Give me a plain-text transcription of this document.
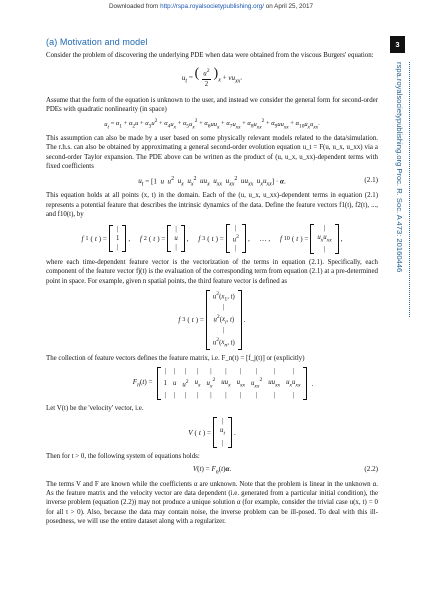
Downloaded from http://rspa.royalsocietypublishing.org/ on April 25, 2017
3
rspa.royalsocietypublishing.org Proc. R. Soc. A 473: 20160446
(a) Motivation and model

Consider the problem of discovering the underlying PDE when data were obtained from the viscous Burgers' equation:

$u_t$ = ( $u^2$
2
) $_x + \nu u_{xx}$.

Assume that the form of the equation is unknown to the user, and instead we consider the general form for second-order PDEs with quadratic nonlinearity (in space)

$u_t = \alpha_1 + \alpha_2u + \alpha_3u^2 + \alpha_4u_x + \alpha_5u_x^2 + \alpha_6uu_x + \alpha_7u_{xx} + \alpha_8u_{xx}^2 + \alpha_9uu_{xx} + \alpha_{10}u_xu_{xx}$.

This assumption can also be made by a user based on some physically relevant models related to the data/simulation. The r.h.s. can also be obtained by approximating a general second-order evolution equation u_t = F(u, u_x, u_xx) via a second-order Taylor expansion. The PDE above can be written as the product of (u, u_x, u_xx)-dependent terms with fixed coefficients

$u_t = [1$  u $u^2$ $u_x$ $u_x^2$ $uu_x$ $u_{xx}$ $u_{xx}^2$ $uu_{xx}$ $u_xu_{xx}] \cdot \alpha$.	(2.1)

This equation holds at all points (x, t) in the domain. Each of the (u, u_x, u_xx)-dependent terms in equation (2.1) represents a potential feature that describes the intrinsic dynamics of the data. Define the feature vectors f1(t), f2(t), ..., and f10(t), by

f 1 ( t ) =
|
1
|
, f 2 ( t ) =
|
u
|
, f 3 ( t ) =
|
$u^2$
|
, … , f 10 ( t ) =
|
$u_xu_{xx}$
|
,

where each time-dependent feature vector is the vectorization of the terms in equation (2.1). Specifically, each component of the feature vector fj(t) is the evaluation of the corresponding term from equation (2.1) at a pre-determined point in space. For example, given n spatial points, the third feature vector is defined as

f 3 ( t ) =
$u^2(x_1$, t)
|
$u^2(x_i$, t)
|
$u^2(x_n$, t)
.

The collection of feature vectors defines the feature matrix, i.e. F_n(t) = [f_j(t)] or (explicitly)

$F_n(t)$ =
|
1
|
|
u
|
|
$u^2$
|
|
$u_x$
|
|
$u_x^2$
|
|
$uu_x$
|
|
$u_{xx}$
|
|
$u_{xx}^2$
|
|
$uu_{xx}$
|
|
$u_xu_{xx}$
|
.

Let V(t) be the 'velocity' vector, i.e.

V ( t ) =
|
$u_t$
|
.

Then for t > 0, the following system of equations holds:

$V(t) = F_n(t)\alpha$.	(2.2)

The terms V and F are known while the coefficients α are unknown. Note that the problem is linear in the unknown α. As the feature matrix and the velocity vector are data dependent (i.e. generated from a particular initial condition), the inverse problem (equation (2.2)) may not produce a unique solution α (for example, consider the trivial case u(x, t) = 0 for all t > 0). Also, because the data may contain noise, the inverse problem can be ill-posed. To deal with this ill-posedness, we will use the entire dataset along with a regularizer.
